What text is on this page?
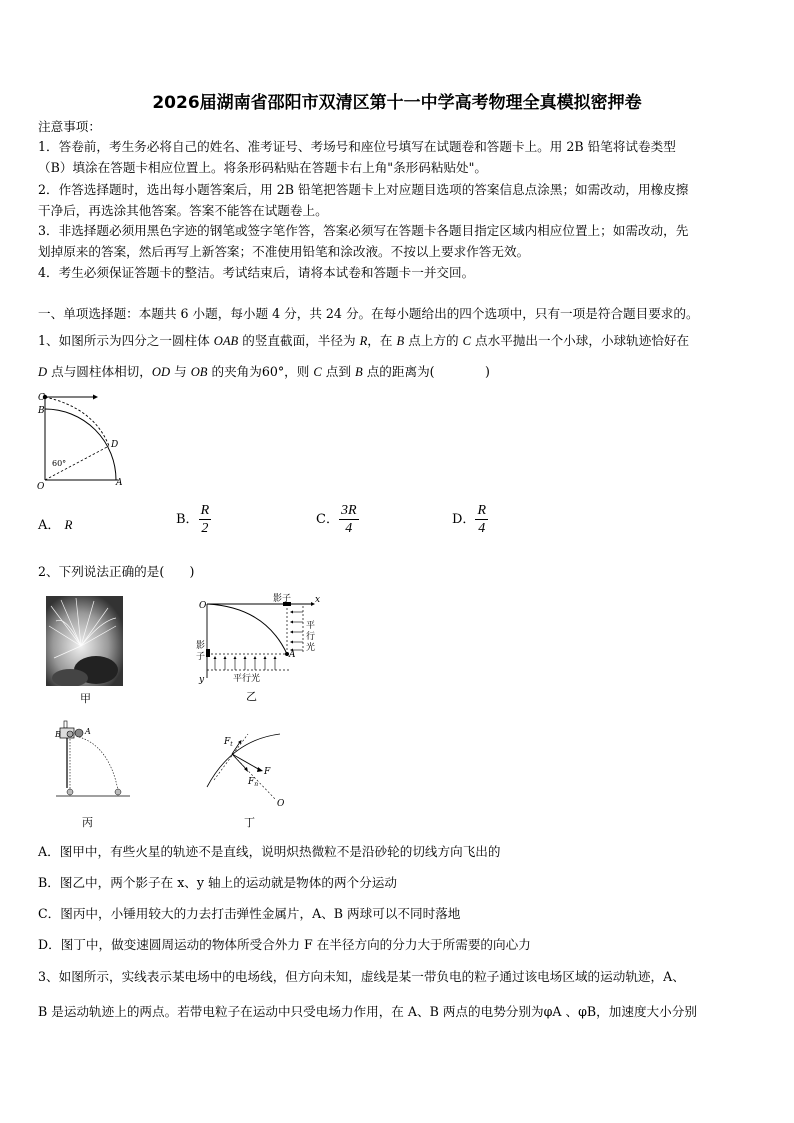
2026届湖南省邵阳市双清区第十一中学高考物理全真模拟密押卷
注意事项：
1．答卷前，考生务必将自己的姓名、准考证号、考场号和座位号填写在试题卷和答题卡上。用 2B 铅笔将试卷类型
（B）填涂在答题卡相应位置上。将条形码粘贴在答题卡右上角"条形码粘贴处"。
2．作答选择题时，选出每小题答案后，用 2B 铅笔把答题卡上对应题目选项的答案信息点涂黑；如需改动，用橡皮擦
干净后，再选涂其他答案。答案不能答在试题卷上。
3．非选择题必须用黑色字迹的钢笔或签字笔作答，答案必须写在答题卡各题目指定区域内相应位置上；如需改动，先
划掉原来的答案，然后再写上新答案；不准使用铅笔和涂改液。不按以上要求作答无效。
4．考生必须保证答题卡的整洁。考试结束后，请将本试卷和答题卡一并交回。
一、单项选择题：本题共 6 小题，每小题 4 分，共 24 分。在每小题给出的四个选项中，只有一项是符合题目要求的。
1、如图所示为四分之一圆柱体 OAB 的竖直截面，半径为 R，在 B 点上方的 C 点水平抛出一个小球，小球轨迹恰好在
D 点与圆柱体相切，OD 与 OB 的夹角为60°，则 C 点到 B 点的距离为(　　　　)
C
B
D
O	A
60°
A． R	B． $\frac{R}{2}$	C． $\frac{3R}{4}$	D． $\frac{R}{4}$
2、下列说法正确的是(　　)
甲
O
x
y
A
影子
影
子
平行光
平
行
光
乙
B	A
丙
$F_t$
F
$F_n$
O
丁
A．图甲中，有些火星的轨迹不是直线，说明炽热微粒不是沿砂轮的切线方向飞出的
B．图乙中，两个影子在 x、y 轴上的运动就是物体的两个分运动
C．图丙中，小锤用较大的力去打击弹性金属片，A、B 两球可以不同时落地
D．图丁中，做变速圆周运动的物体所受合外力 F 在半径方向的分力大于所需要的向心力
3、如图所示，实线表示某电场中的电场线，但方向未知，虚线是某一带负电的粒子通过该电场区域的运动轨迹，A、
B 是运动轨迹上的两点。若带电粒子在运动中只受电场力作用，在 A、B 两点的电势分别为φA 、φB，加速度大小分别
